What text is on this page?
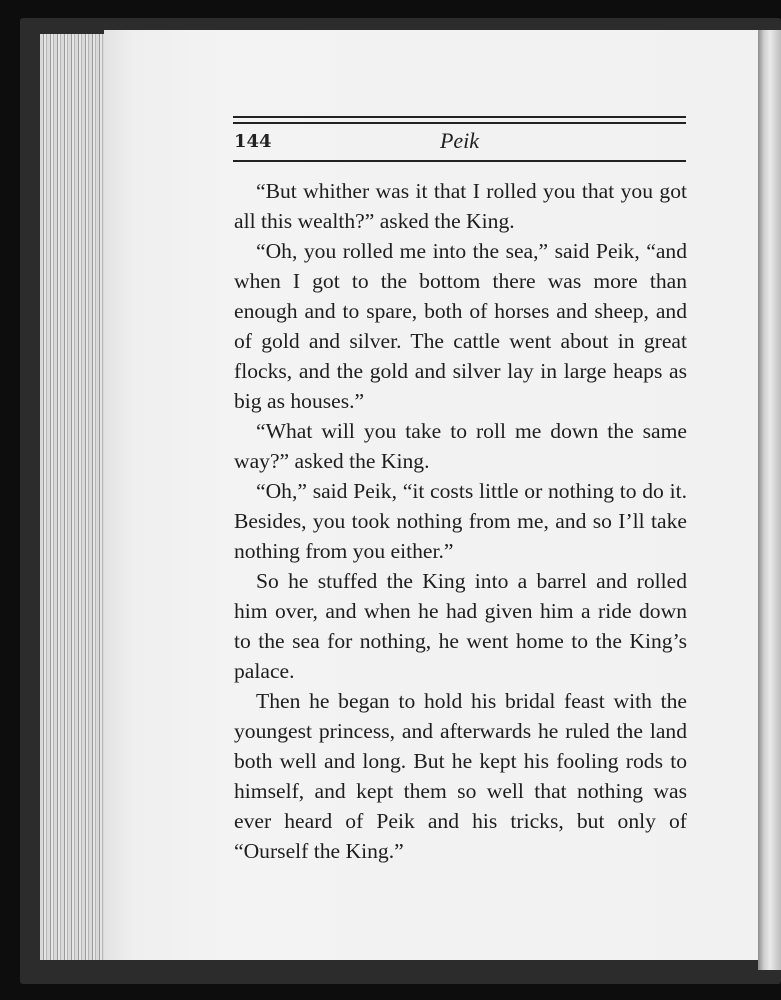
Peik

144

“But whither was it that I rolled you that you got all this wealth?” asked the King.

“Oh, you rolled me into the sea,” said Peik, “and when I got to the bottom there was more than enough and to spare, both of horses and sheep, and of gold and silver. The cattle went about in great flocks, and the gold and silver lay in large heaps as big as houses.”

“What will you take to roll me down the same way?” asked the King.

“Oh,” said Peik, “it costs little or nothing to do it. Besides, you took nothing from me, and so I’ll take nothing from you either.”

So he stuffed the King into a barrel and rolled him over, and when he had given him a ride down to the sea for nothing, he went home to the King’s palace.

Then he began to hold his bridal feast with the youngest princess, and afterwards he ruled the land both well and long. But he kept his fooling rods to himself, and kept them so well that nothing was ever heard of Peik and his tricks, but only of “Ourself the King.”
